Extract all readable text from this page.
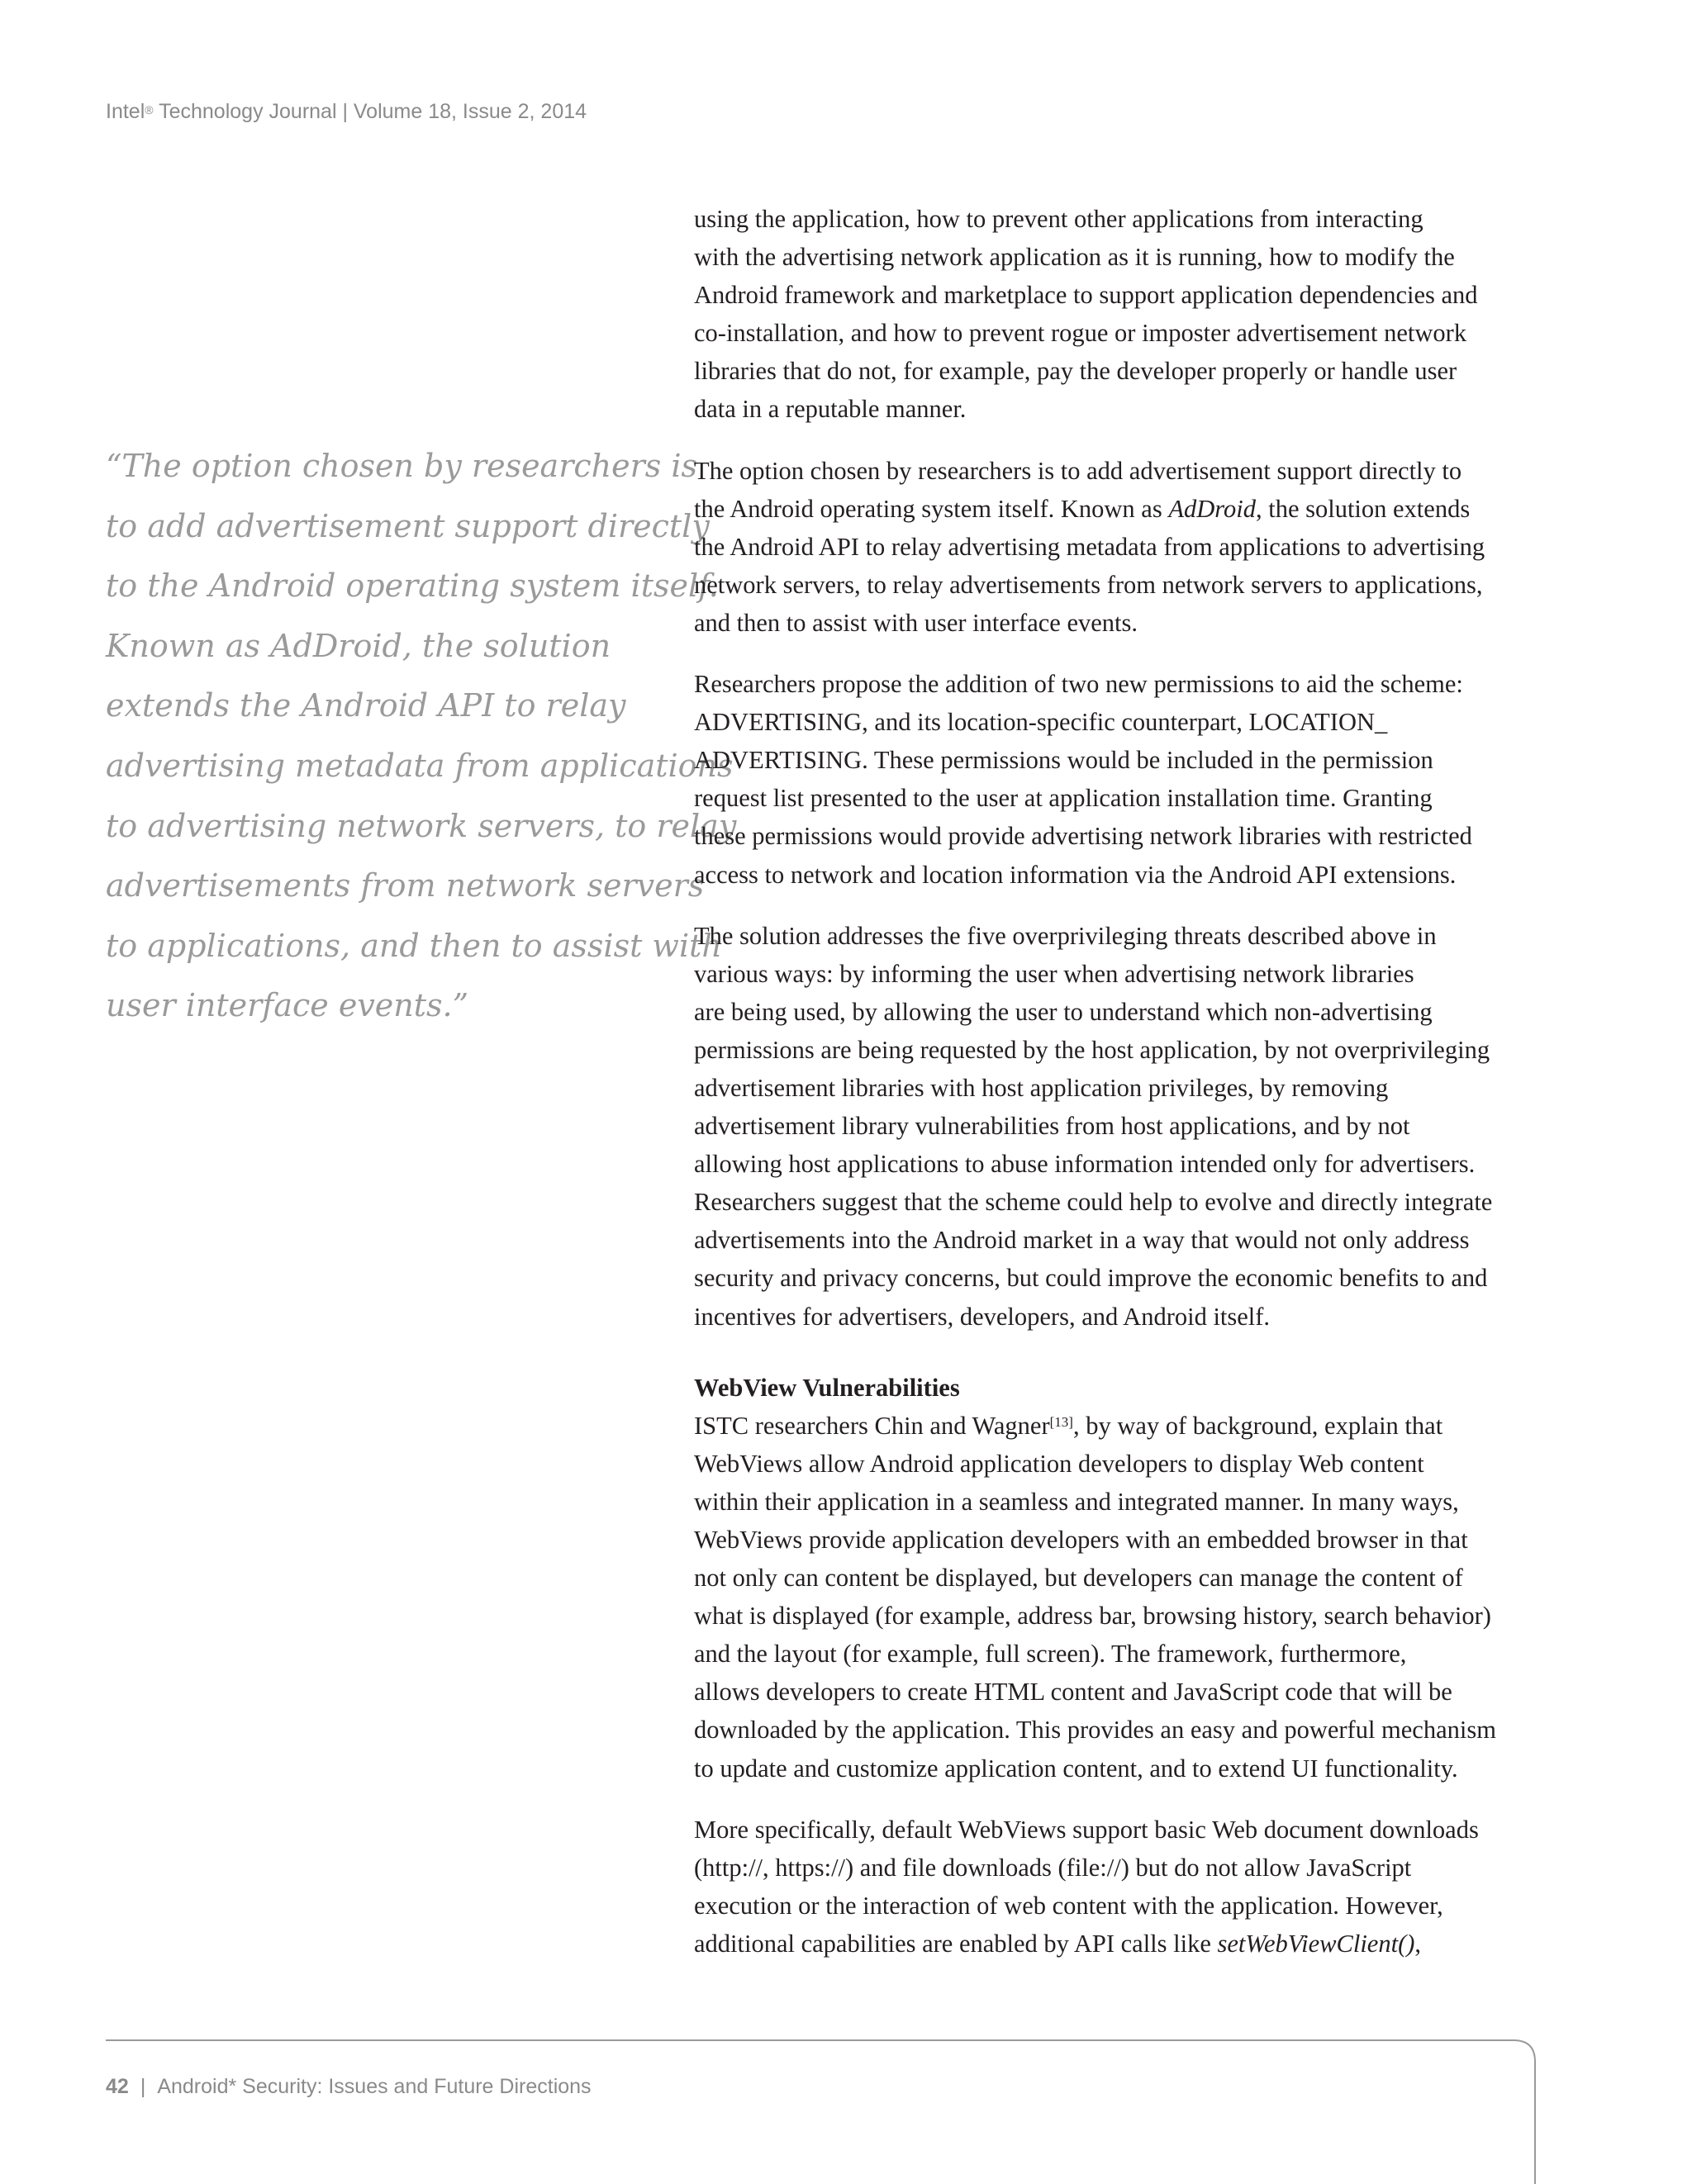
Intel® Technology Journal | Volume 18, Issue 2, 2014
“The option chosen by researchers is
to add advertisement support directly
to the Android operating system itself.
Known as AdDroid, the solution
extends the Android API to relay
advertising metadata from applications
to advertising network servers, to relay
advertisements from network servers
to applications, and then to assist with
user interface events.”
using the application, how to prevent other applications from interacting
with the advertising network application as it is running, how to modify the
Android framework and marketplace to support application dependencies and
co-installation, and how to prevent rogue or imposter advertisement network
libraries that do not, for example, pay the developer properly or handle user
data in a reputable manner.
The option chosen by researchers is to add advertisement support directly to
the Android operating system itself. Known as AdDroid, the solution extends
the Android API to relay advertising metadata from applications to advertising
network servers, to relay advertisements from network servers to applications,
and then to assist with user interface events.
Researchers propose the addition of two new permissions to aid the scheme:
ADVERTISING, and its location-specific counterpart, LOCATION_
ADVERTISING. These permissions would be included in the permission
request list presented to the user at application installation time. Granting
these permissions would provide advertising network libraries with restricted
access to network and location information via the Android API extensions.
The solution addresses the five overprivileging threats described above in
various ways: by informing the user when advertising network libraries
are being used, by allowing the user to understand which non-advertising
permissions are being requested by the host application, by not overprivileging
advertisement libraries with host application privileges, by removing
advertisement library vulnerabilities from host applications, and by not
allowing host applications to abuse information intended only for advertisers.
Researchers suggest that the scheme could help to evolve and directly integrate
advertisements into the Android market in a way that would not only address
security and privacy concerns, but could improve the economic benefits to and
incentives for advertisers, developers, and Android itself.
WebView Vulnerabilities
ISTC researchers Chin and Wagner[13], by way of background, explain that
WebViews allow Android application developers to display Web content
within their application in a seamless and integrated manner. In many ways,
WebViews provide application developers with an embedded browser in that
not only can content be displayed, but developers can manage the content of
what is displayed (for example, address bar, browsing history, search behavior)
and the layout (for example, full screen). The framework, furthermore,
allows developers to create HTML content and JavaScript code that will be
downloaded by the application. This provides an easy and powerful mechanism
to update and customize application content, and to extend UI functionality.
More specifically, default WebViews support basic Web document downloads
(http://, https://) and file downloads (file://) but do not allow JavaScript
execution or the interaction of web content with the application. However,
additional capabilities are enabled by API calls like setWebViewClient(),
42 | Android* Security: Issues and Future Directions
